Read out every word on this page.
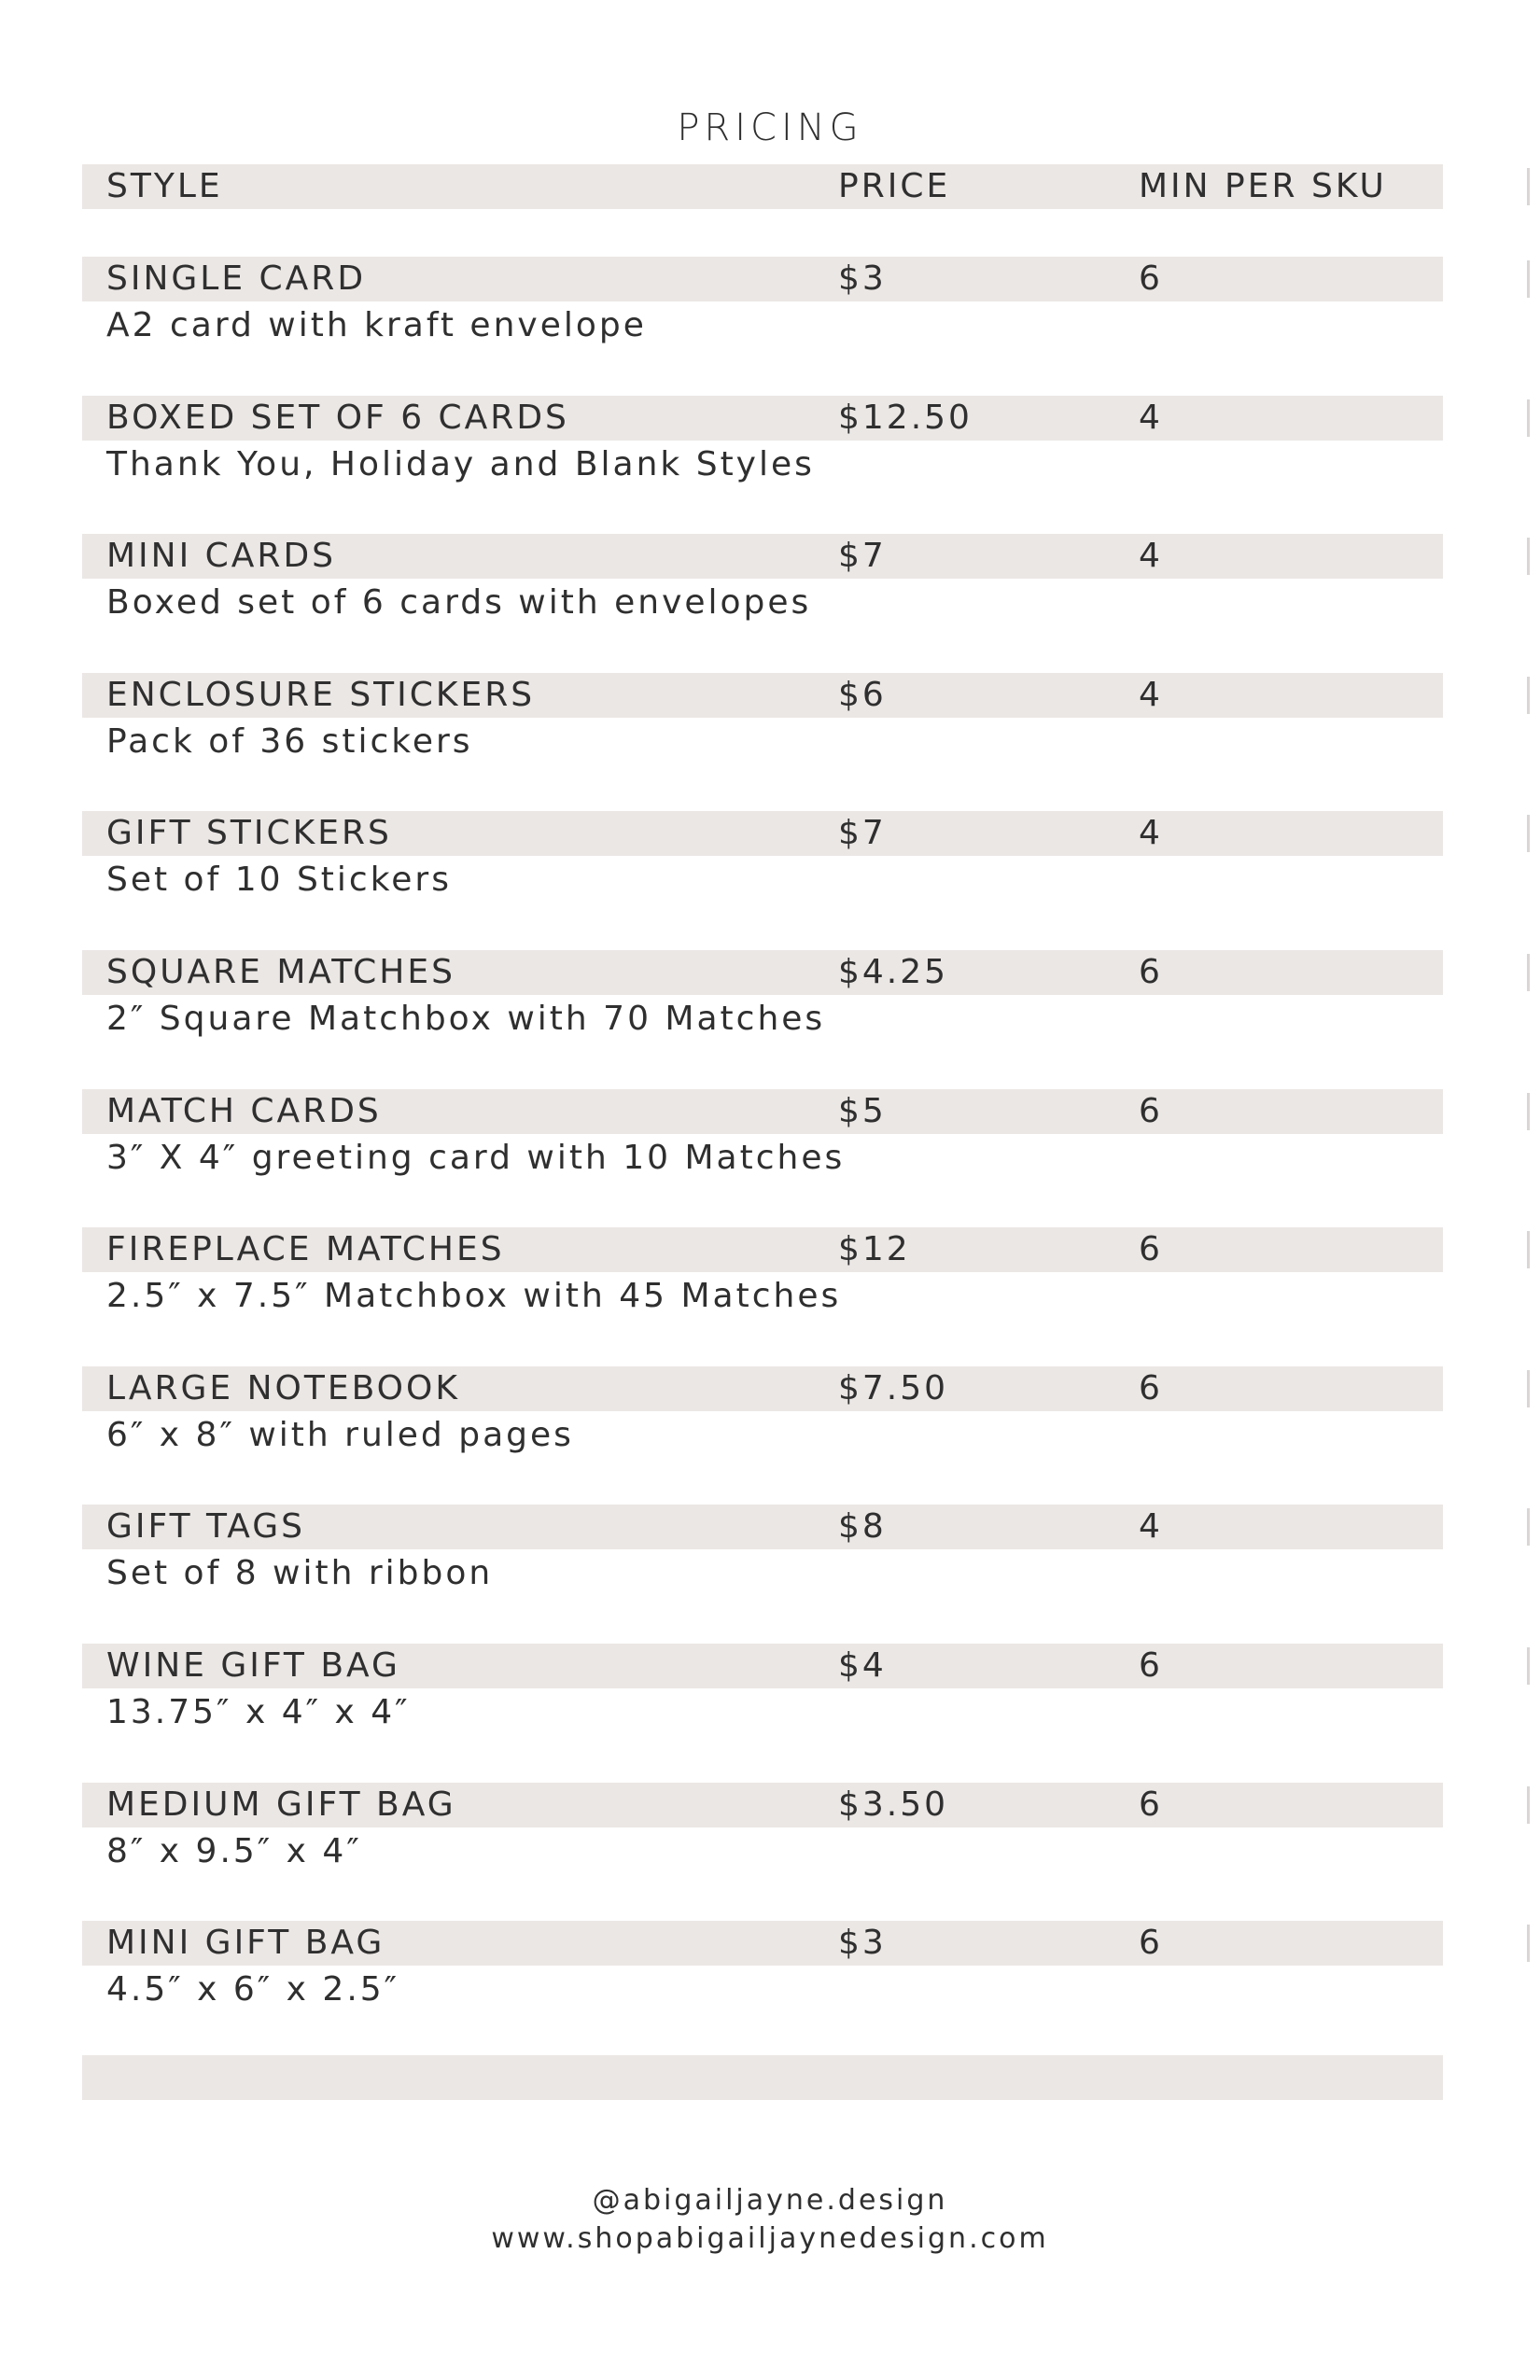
PRICING
STYLE	PRICE	MIN PER SKU
SINGLE CARD	$3	6
A2 card with kraft envelope
BOXED SET OF 6 CARDS	$12.50	4
Thank You, Holiday and Blank Styles
MINI CARDS	$7	4
Boxed set of 6 cards with envelopes
ENCLOSURE STICKERS	$6	4
Pack of 36 stickers
GIFT STICKERS	$7	4
Set of 10 Stickers
SQUARE MATCHES	$4.25	6
2″ Square Matchbox with 70 Matches
MATCH CARDS	$5	6
3″ X 4″ greeting card with 10 Matches
FIREPLACE MATCHES	$12	6
2.5″ x 7.5″ Matchbox with 45 Matches
LARGE NOTEBOOK	$7.50	6
6″ x 8″ with ruled pages
GIFT TAGS	$8	4
Set of 8 with ribbon
WINE GIFT BAG	$4	6
13.75″ x 4″ x 4″
MEDIUM GIFT BAG	$3.50	6
8″ x 9.5″ x 4″
MINI GIFT BAG	$3	6
4.5″ x 6″ x 2.5″
@abigailjayne.design
www.shopabigailjaynedesign.com
